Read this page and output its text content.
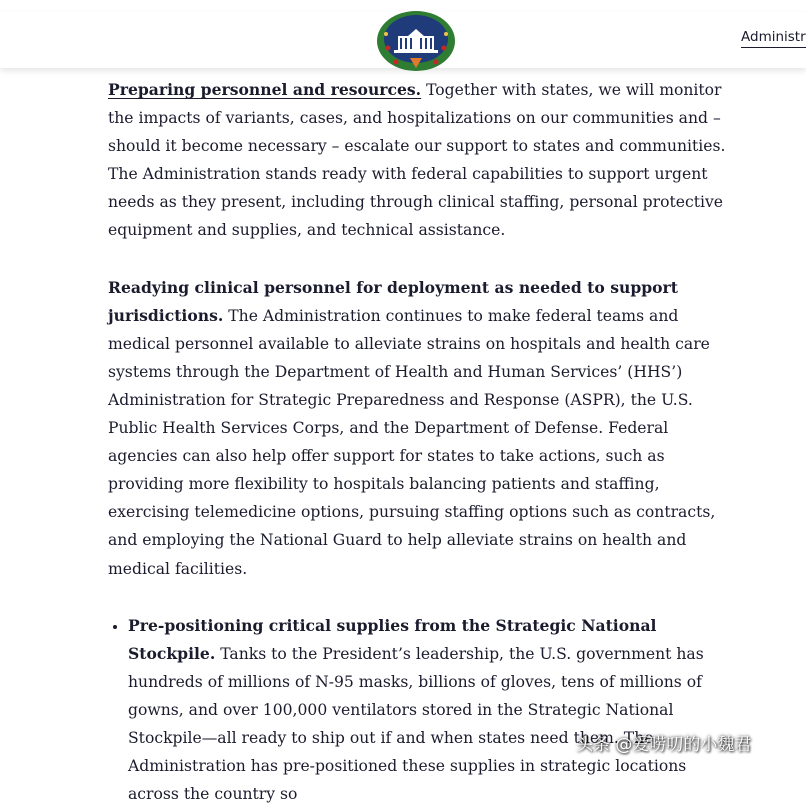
Administr

Preparing personnel and resources. Together with states, we will monitor the impacts of variants, cases, and hospitalizations on our communities and – should it become necessary – escalate our support to states and communities. The Administration stands ready with federal capabilities to support urgent needs as they present, including through clinical staffing, personal protective equipment and supplies, and technical assistance.

Readying clinical personnel for deployment as needed to support jurisdictions. The Administration continues to make federal teams and medical personnel available to alleviate strains on hospitals and health care systems through the Department of Health and Human Services’ (HHS’) Administration for Strategic Preparedness and Response (ASPR), the U.S. Public Health Services Corps, and the Department of Defense. Federal agencies can also help offer support for states to take actions, such as providing more flexibility to hospitals balancing patients and staffing, exercising telemedicine options, pursuing staffing options such as contracts, and employing the National Guard to help alleviate strains on health and medical facilities.

• Pre-positioning critical supplies from the Strategic National Stockpile. Tanks to the President’s leadership, the U.S. government has hundreds of millions of N-95 masks, billions of gloves, tens of millions of gowns, and over 100,000 ventilators stored in the Strategic National Stockpile—all ready to ship out if and when states need them. The Administration has pre-positioned these supplies in strategic locations across the country so
头条 @爱唠叨的小魏君
